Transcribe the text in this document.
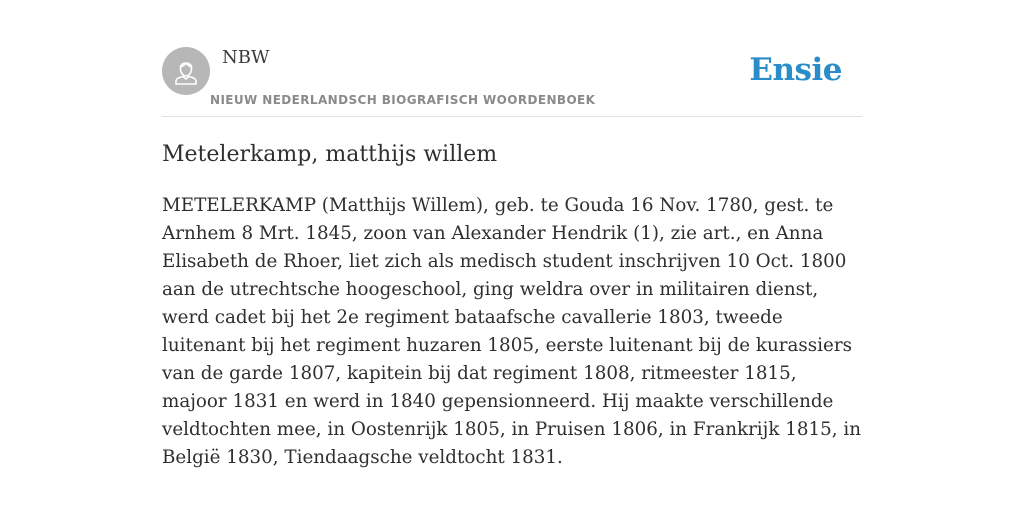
NBW
NIEUW NEDERLANDSCH BIOGRAFISCH WOORDENBOEK
Ensie
Metelerkamp, matthijs willem

METELERKAMP (Matthijs Willem), geb. te Gouda 16 Nov. 1780, gest. te Arnhem 8 Mrt. 1845, zoon van Alexander Hendrik (1), zie art., en Anna Elisabeth de Rhoer, liet zich als medisch student inschrijven 10 Oct. 1800 aan de utrechtsche hoogeschool, ging weldra over in militairen dienst, werd cadet bij het 2e regiment bataafsche cavallerie 1803, tweede luitenant bij het regiment huzaren 1805, eerste luitenant bij de kurassiers van de garde 1807, kapitein bij dat regiment 1808, ritmeester 1815, majoor 1831 en werd in 1840 gepensionneerd. Hij maakte verschillende veldtochten mee, in Oostenrijk 1805, in Pruisen 1806, in Frankrijk 1815, in België 1830, Tiendaagsche veldtocht 1831.
